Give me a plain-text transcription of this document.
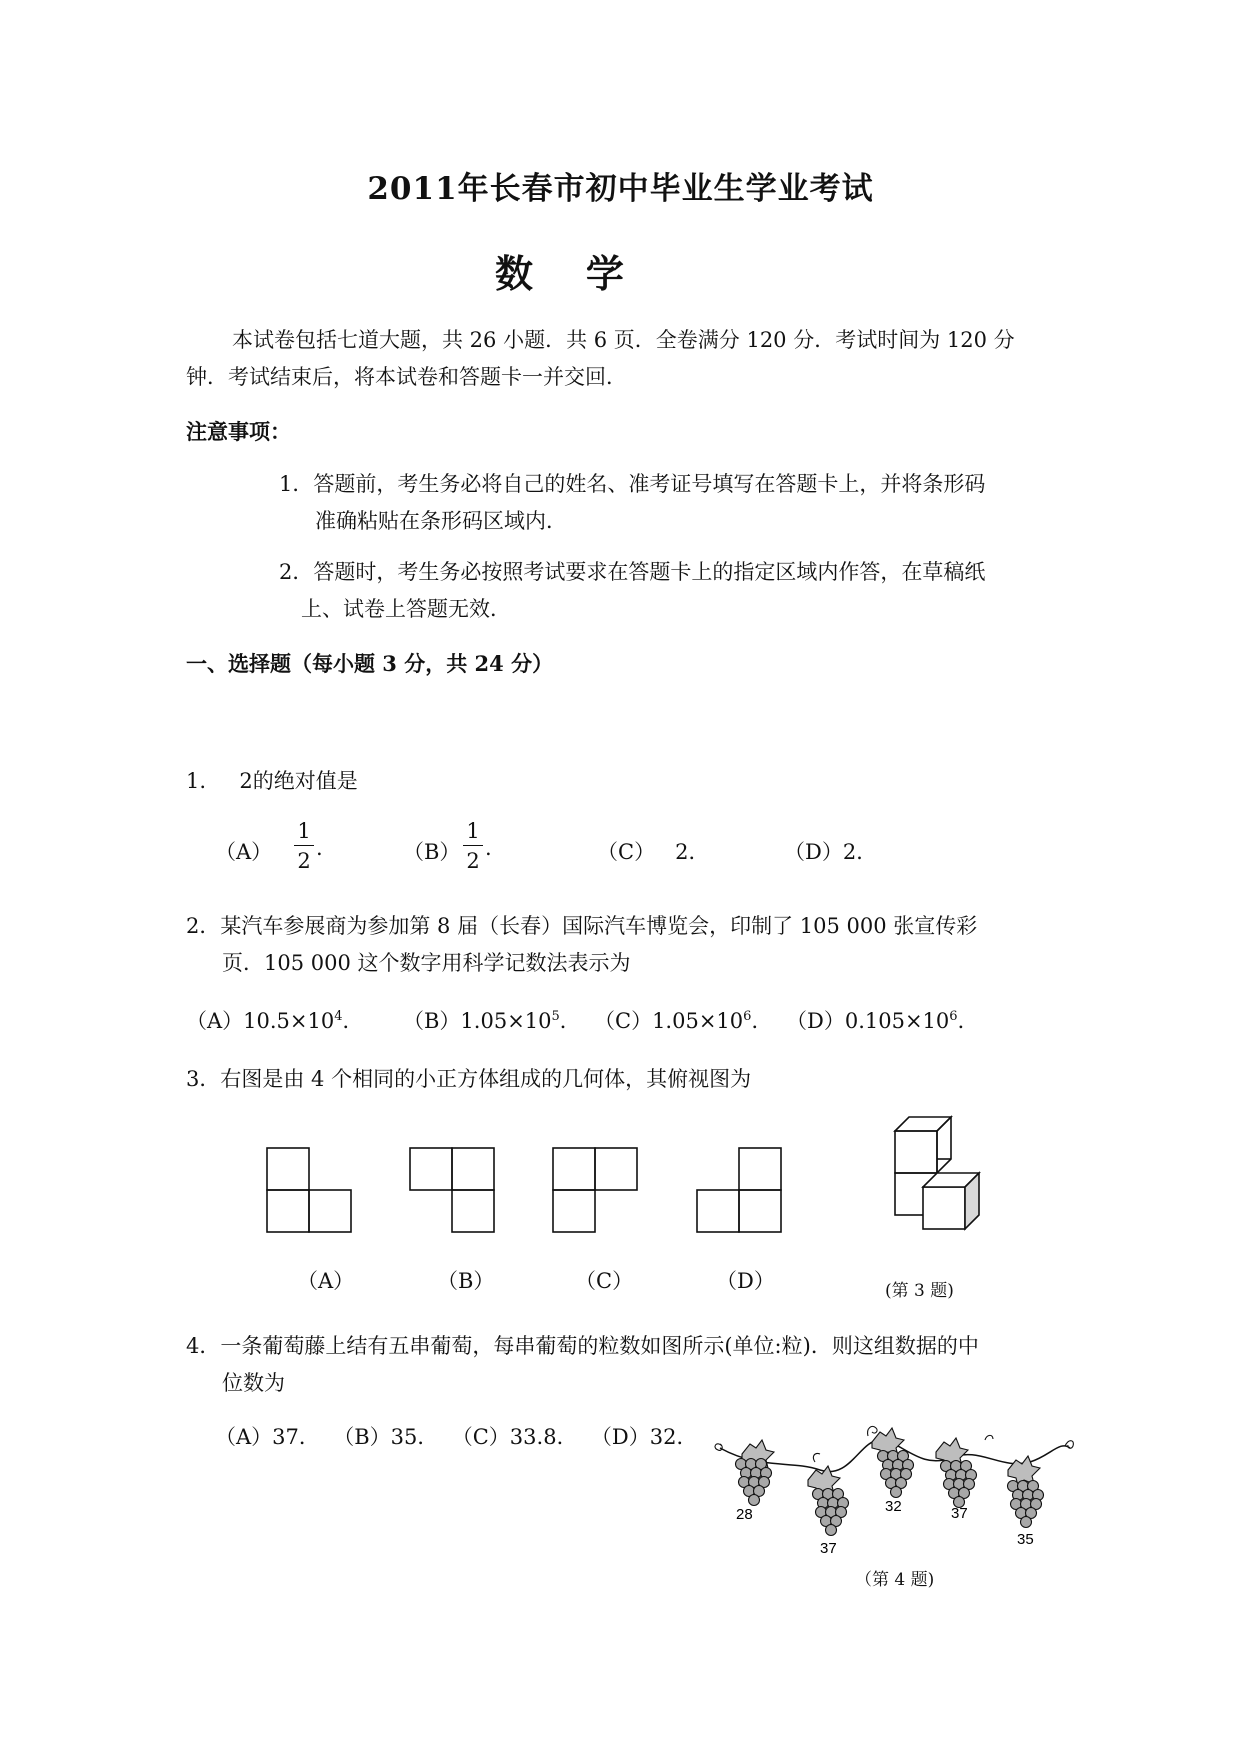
2011年长春市初中毕业生学业考试
数    学
本试卷包括七道大题，共 26 小题．共 6 页．全卷满分 120 分．考试时间为 120 分
钟．考试结束后，将本试卷和答题卡一并交回．
注意事项：
1．答题前，考生务必将自己的姓名、准考证号填写在答题卡上，并将条形码
准确粘贴在条形码区域内．
2．答题时，考生务必按照考试要求在答题卡上的指定区域内作答，在草稿纸
上、试卷上答题无效．
一、选择题（每小题 3 分，共 24 分）
1.     2的绝对值是
（A）
1
2
.	（B）
1
2
.	（C）   2．	（D）2．
2．某汽车参展商为参加第 8 届（长春）国际汽车博览会，印制了 105 000 张宣传彩
页．105 000 这个数字用科学记数法表示为
$(A)10.5\times 10^4$． $(B)1.05\times 10^5$． $(C)1.05\times 10^6$． $(D)0.105\times 10^6$．
3．右图是由 4 个相同的小正方体组成的几何体，其俯视图为
（A）	（B）	（C）	（D）	(第 3 题)
4．一条葡萄藤上结有五串葡萄，每串葡萄的粒数如图所示(单位:粒)．则这组数据的中
位数为
（A）37．  （B）35．  （C）33.8．  （D）32．
28
37
32	37
35
（第 4 题)
